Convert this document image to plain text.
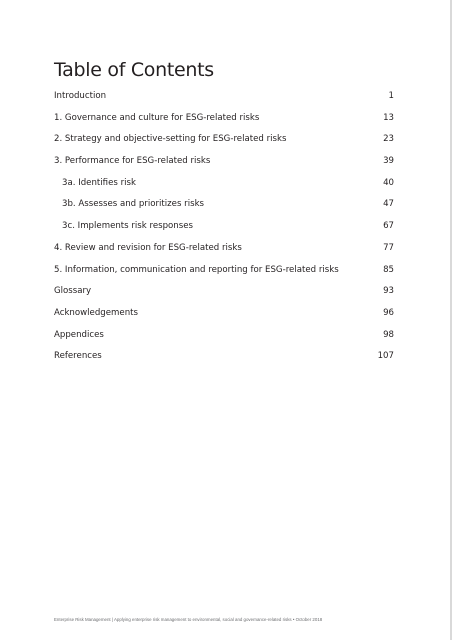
Table of Contents
Introduction	1
1. Governance and culture for ESG-related risks	13
2. Strategy and objective-setting for ESG-related risks	23
3. Performance for ESG-related risks	39
3a. Identifies risk	40
3b. Assesses and prioritizes risks	47
3c. Implements risk responses	67
4. Review and revision for ESG-related risks	77
5. Information, communication and reporting for ESG-related risks	85
Glossary	93
Acknowledgements	96
Appendices	98
References	107
Enterprise Risk Management | Applying enterprise risk management to environmental, social and governance-related risks • October 2018
